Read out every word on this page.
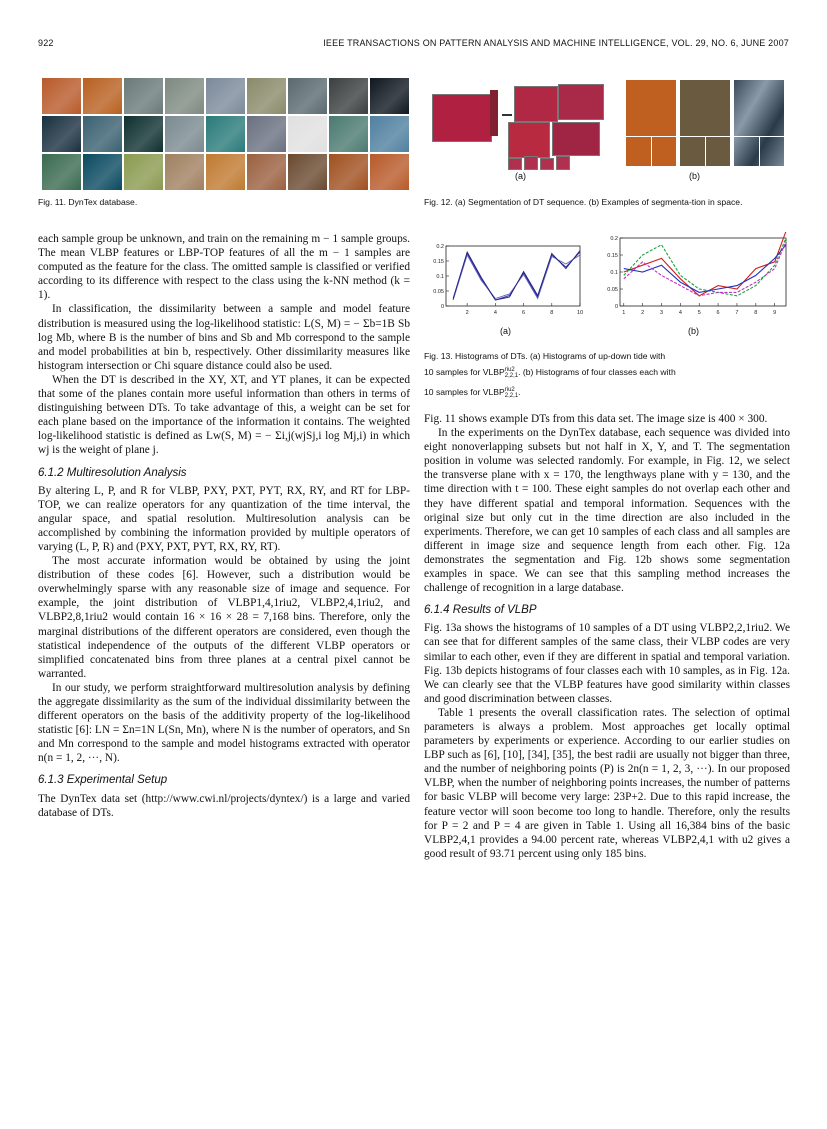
922	IEEE TRANSACTIONS ON PATTERN ANALYSIS AND MACHINE INTELLIGENCE, VOL. 29, NO. 6, JUNE 2007

Fig. 11. DynTex database.

(a)	(b)

Fig. 12. (a) Segmentation of DT sequence. (b) Examples of segmenta-tion in space.

0
0.05
0.1
0.15
0.2
2	4	6	8	10
0
0.05
0.1
0.15
0.2
1	2	3	4	5	6	7	8	9
(a)	(b)

Fig. 13. Histograms of DTs. (a) Histograms of up-down tide with

10 samples for $VLBP^{riu2}_{2,2,1}$. (b) Histograms of four classes each with

10 samples for $VLBP^{riu2}_{2,2,1}$.

each sample group be unknown, and train on the remaining m − 1 sample groups. The mean VLBP features or LBP-TOP features of all the m − 1 samples are computed as the feature for the class. The omitted sample is classified or verified according to its difference with respect to the class using the k-NN method (k = 1).

In classification, the dissimilarity between a sample and model feature distribution is measured using the log-likelihood statistic: L(S, M) = − Σb=1B Sb log Mb, where B is the number of bins and Sb and Mb correspond to the sample and model probabilities at bin b, respectively. Other dissimilarity measures like histogram intersection or Chi square distance could also be used.

When the DT is described in the XY, XT, and YT planes, it can be expected that some of the planes contain more useful information than others in terms of distinguishing between DTs. To take advantage of this, a weight can be set for each plane based on the importance of the information it contains. The weighted log-likelihood statistic is defined as Lw(S, M) = − Σi,j(wjSj,i log Mj,i) in which wj is the weight of plane j.

6.1.2 Multiresolution Analysis

By altering L, P, and R for VLBP, PXY, PXT, PYT, RX, RY, and RT for LBP-TOP, we can realize operators for any quantization of the time interval, the angular space, and spatial resolution. Multiresolution analysis can be accomplished by combining the information provided by multiple operators of varying (L, P, R) and (PXY, PXT, PYT, RX, RY, RT).

The most accurate information would be obtained by using the joint distribution of these codes [6]. However, such a distribution would be overwhelmingly sparse with any reasonable size of image and sequence. For example, the joint distribution of VLBP1,4,1riu2, VLBP2,4,1riu2, and VLBP2,8,1riu2 would contain 16 × 16 × 28 = 7,168 bins. Therefore, only the marginal distributions of the different operators are considered, even though the statistical independence of the outputs of the different VLBP operators or simplified concatenated bins from three planes at a central pixel cannot be warranted.

In our study, we perform straightforward multiresolution analysis by defining the aggregate dissimilarity as the sum of the individual dissimilarity between the different operators on the basis of the additivity property of the log-likelihood statistic [6]: LN = Σn=1N L(Sn, Mn), where N is the number of operators, and Sn and Mn correspond to the sample and model histograms extracted with operator n(n = 1, 2, ···, N).

6.1.3 Experimental Setup

The DynTex data set (http://www.cwi.nl/projects/dyntex/) is a large and varied database of DTs.

Fig. 11 shows example DTs from this data set. The image size is 400 × 300.

In the experiments on the DynTex database, each sequence was divided into eight nonoverlapping subsets but not half in X, Y, and T. The segmentation position in volume was selected randomly. For example, in Fig. 12, we select the transverse plane with x = 170, the lengthways plane with y = 130, and the time direction with t = 100. These eight samples do not overlap each other and they have different spatial and temporal information. Sequences with the original size but only cut in the time direction are also included in the experiments. Therefore, we can get 10 samples of each class and all samples are different in image size and sequence length from each other. Fig. 12a demonstrates the segmentation and Fig. 12b shows some segmentation examples in space. We can see that this sampling method increases the challenge of recognition in a large database.

6.1.4 Results of VLBP

Fig. 13a shows the histograms of 10 samples of a DT using VLBP2,2,1riu2. We can see that for different samples of the same class, their VLBP codes are very similar to each other, even if they are different in spatial and temporal variation. Fig. 13b depicts histograms of four classes each with 10 samples, as in Fig. 12a. We can clearly see that the VLBP features have good similarity within classes and good discrimination between classes.

Table 1 presents the overall classification rates. The selection of optimal parameters is always a problem. Most approaches get locally optimal parameters by experiments or experience. According to our earlier studies on LBP such as [6], [10], [34], [35], the best radii are usually not bigger than three, and the number of neighboring points (P) is 2n(n = 1, 2, 3, ···). In our proposed VLBP, when the number of neighboring points increases, the number of patterns for basic VLBP will become very large: 23P+2. Due to this rapid increase, the feature vector will soon become too long to handle. Therefore, only the results for P = 2 and P = 4 are given in Table 1. Using all 16,384 bins of the basic VLBP2,4,1 provides a 94.00 percent rate, whereas VLBP2,4,1 with u2 gives a good result of 93.71 percent using only 185 bins.
